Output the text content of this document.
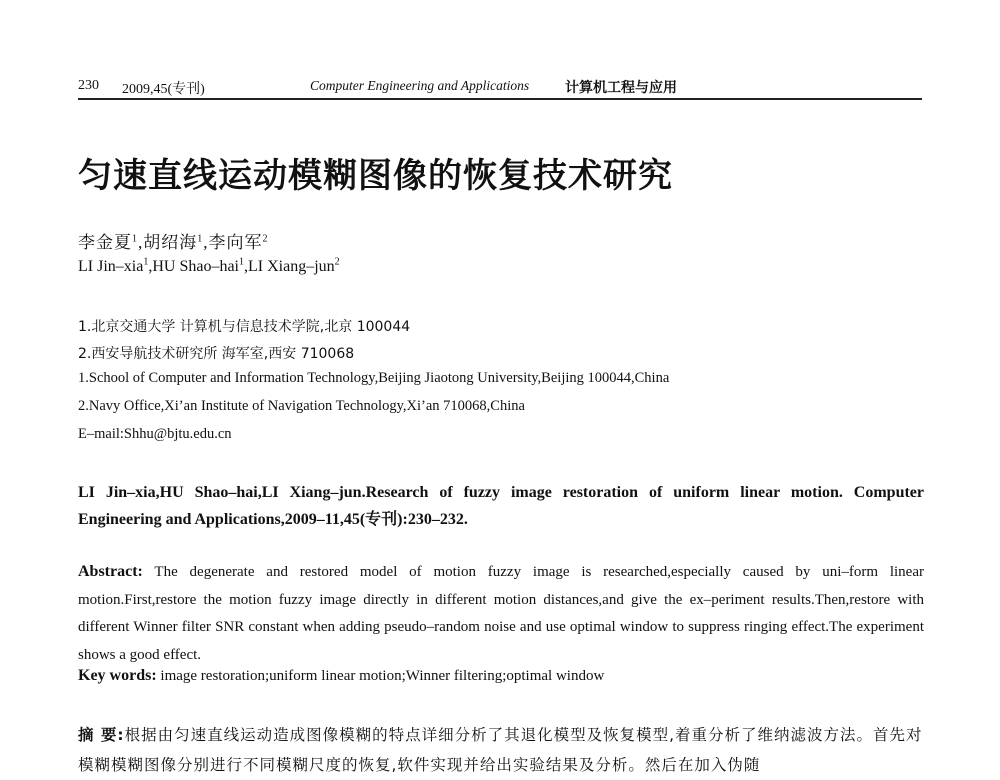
230 2009,45(专刊)	Computer Engineering and Applications	计算机工程与应用
匀速直线运动模糊图像的恢复技术研究
李金夏$^1$,胡绍海$^1$,李向军$^2$
LI Jin–xia$^1$,HU Shao–hai$^1$,LI Xiang–jun$^2$
1.北京交通大学 计算机与信息技术学院,北京 100044
2.西安导航技术研究所 海军室,西安 710068
1.School of Computer and Information Technology,Beijing Jiaotong University,Beijing 100044,China
2.Navy Office,Xi’an Institute of Navigation Technology,Xi’an 710068,China
E–mail:Shhu@bjtu.edu.cn
LI Jin–xia,HU Shao–hai,LI Xiang–jun.Research of fuzzy image restoration of uniform linear motion. Computer Engineering and Applications,2009–11,45(专刊):230–232.
Abstract: The degenerate and restored model of motion fuzzy image is researched,especially caused by uni–form linear motion.First,restore the motion fuzzy image directly in different motion distances,and give the ex–periment results.Then,restore with different Winner filter SNR constant when adding pseudo–random noise and use optimal window to suppress ringing effect.The experiment shows a good effect.
Key words: image restoration;uniform linear motion;Winner filtering;optimal window
摘 要:根据由匀速直线运动造成图像模糊的特点详细分析了其退化模型及恢复模型,着重分析了维纳滤波方法。首先对模糊模糊图像分别进行不同模糊尺度的恢复,软件实现并给出实验结果及分析。然后在加入伪随
